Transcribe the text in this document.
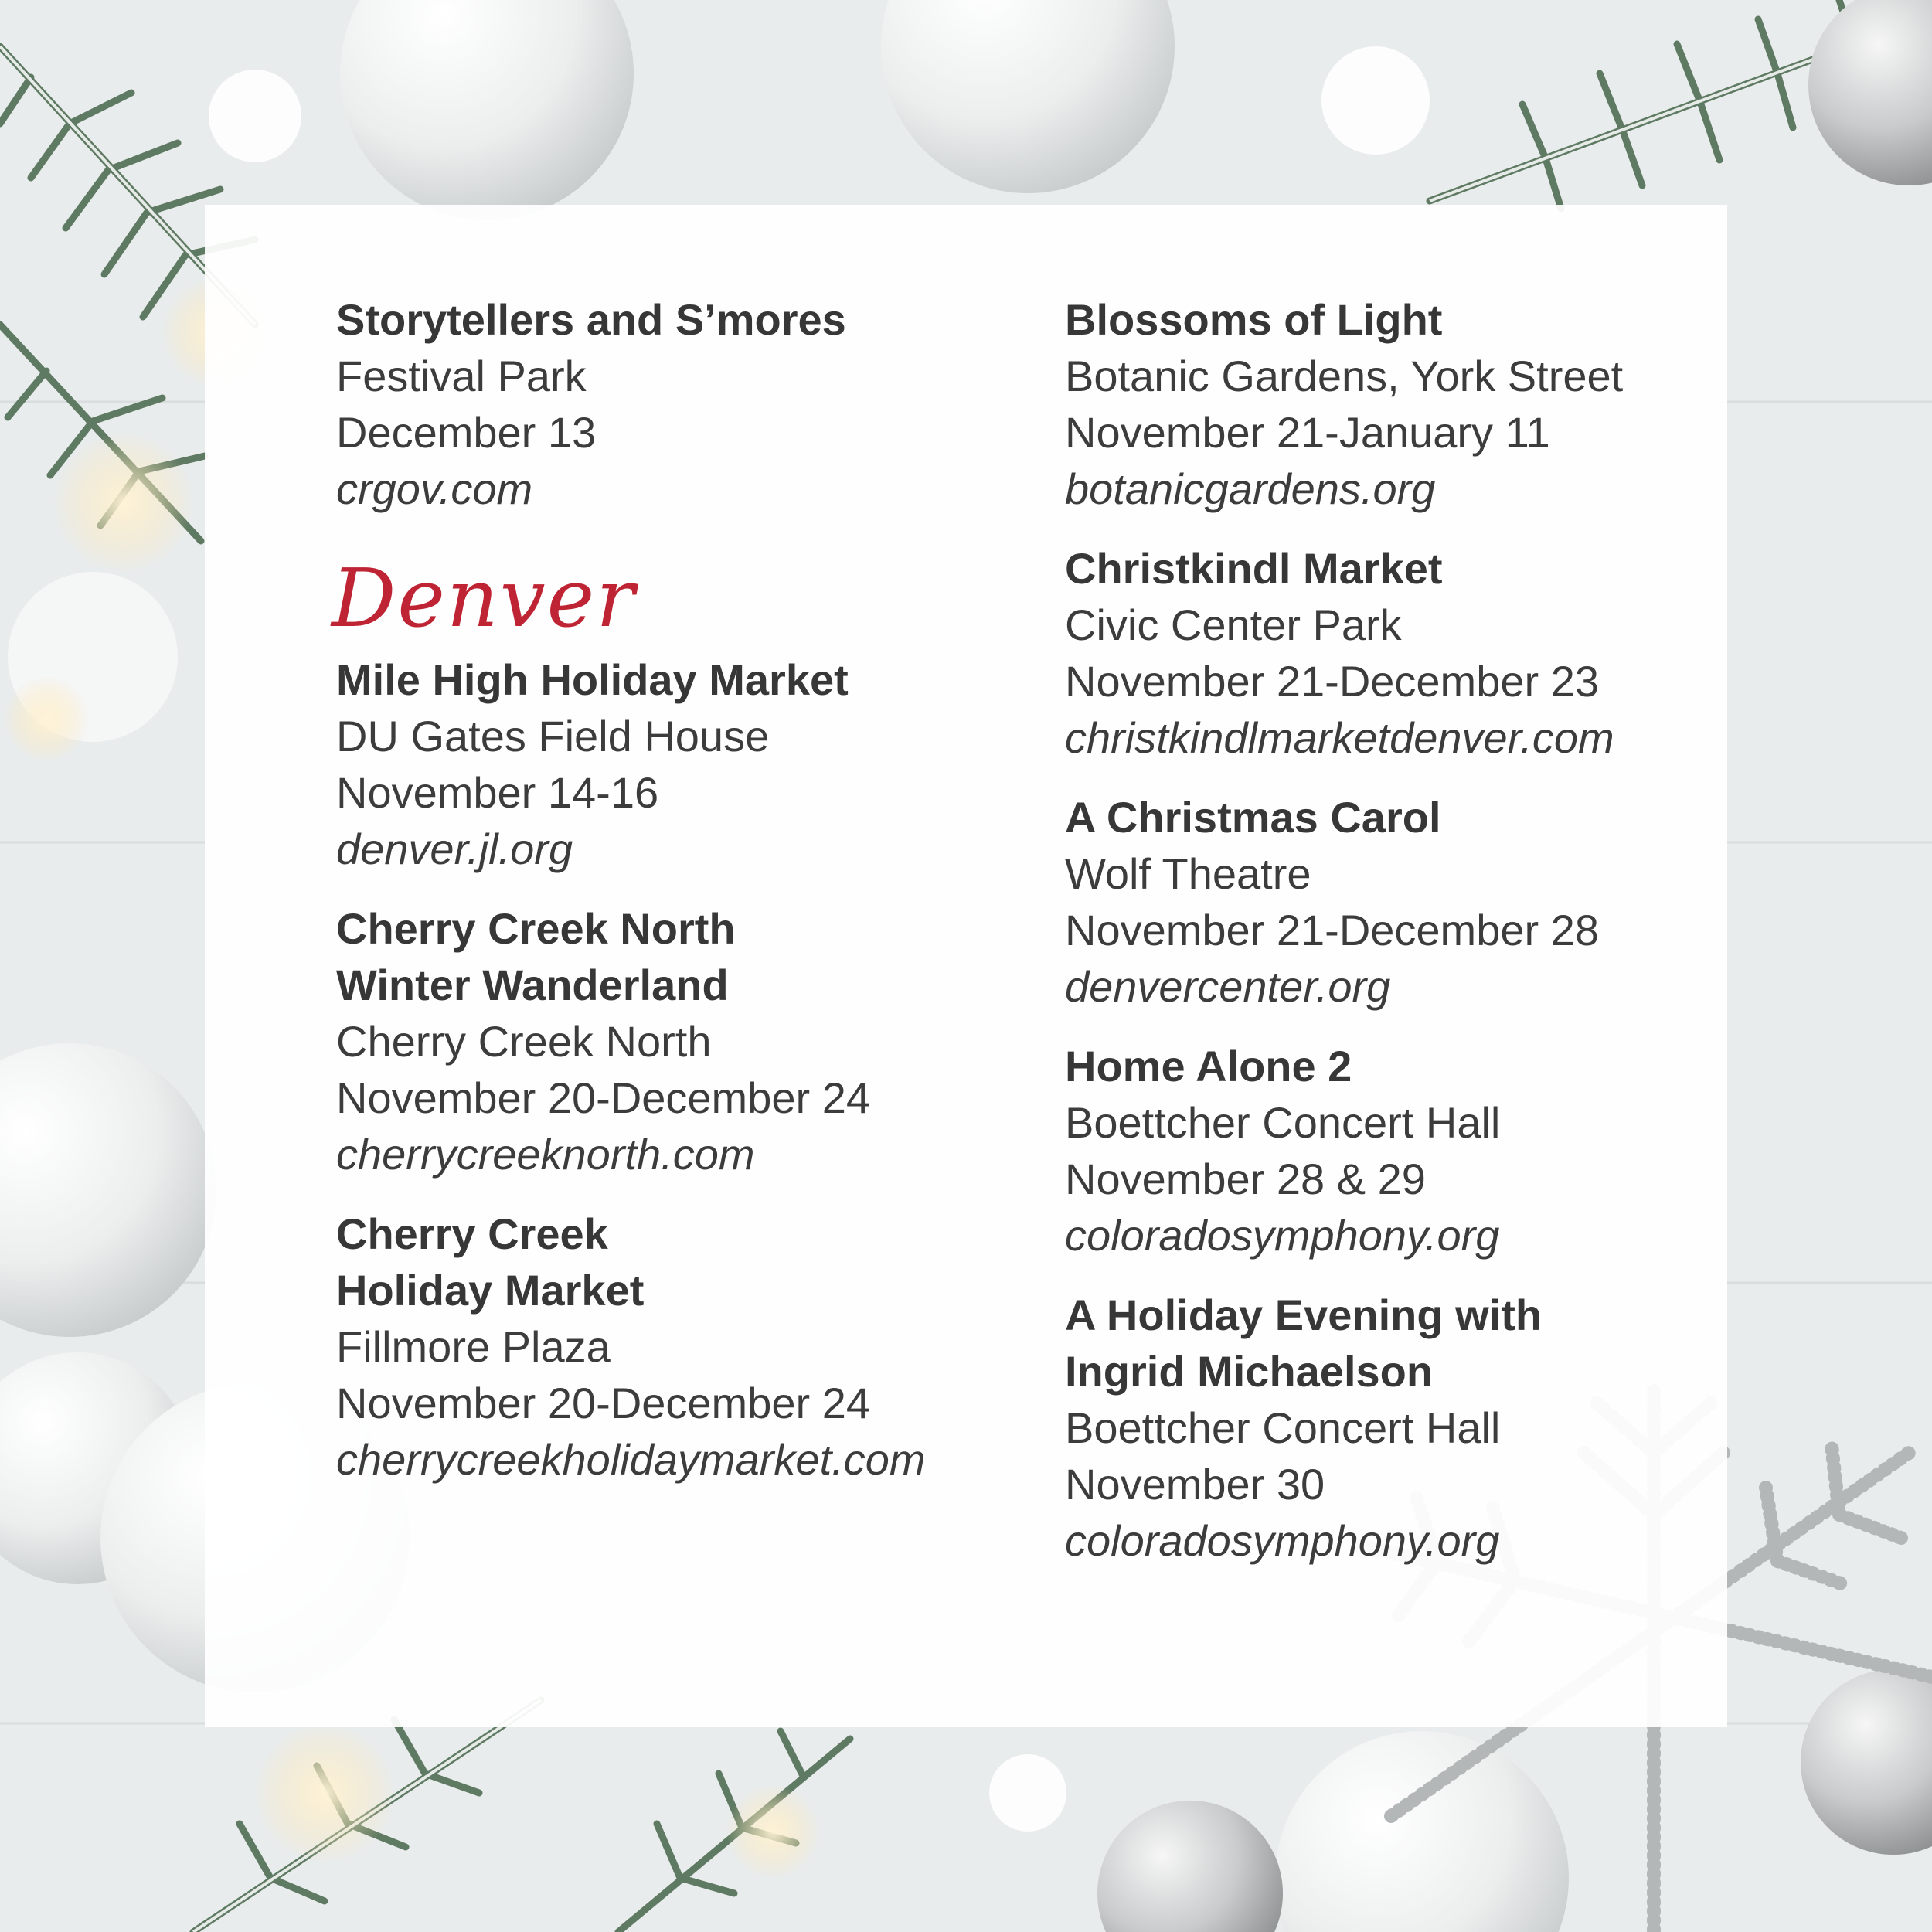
Storytellers and S’mores
Festival Park
December 13
crgov.com
Denver
Mile High Holiday Market
DU Gates Field House
November 14-16
denver.jl.org
Cherry Creek North
Winter Wanderland
Cherry Creek North
November 20-December 24
cherrycreeknorth.com
Cherry Creek
Holiday Market
Fillmore Plaza
November 20-December 24
cherrycreekholidaymarket.com
Blossoms of Light
Botanic Gardens, York Street
November 21-January 11
botanicgardens.org
Christkindl Market
Civic Center Park
November 21-December 23
christkindlmarketdenver.com
A Christmas Carol
Wolf Theatre
November 21-December 28
denvercenter.org
Home Alone 2
Boettcher Concert Hall
November 28 & 29
coloradosymphony.org
A Holiday Evening with
Ingrid Michaelson
Boettcher Concert Hall
November 30
coloradosymphony.org
